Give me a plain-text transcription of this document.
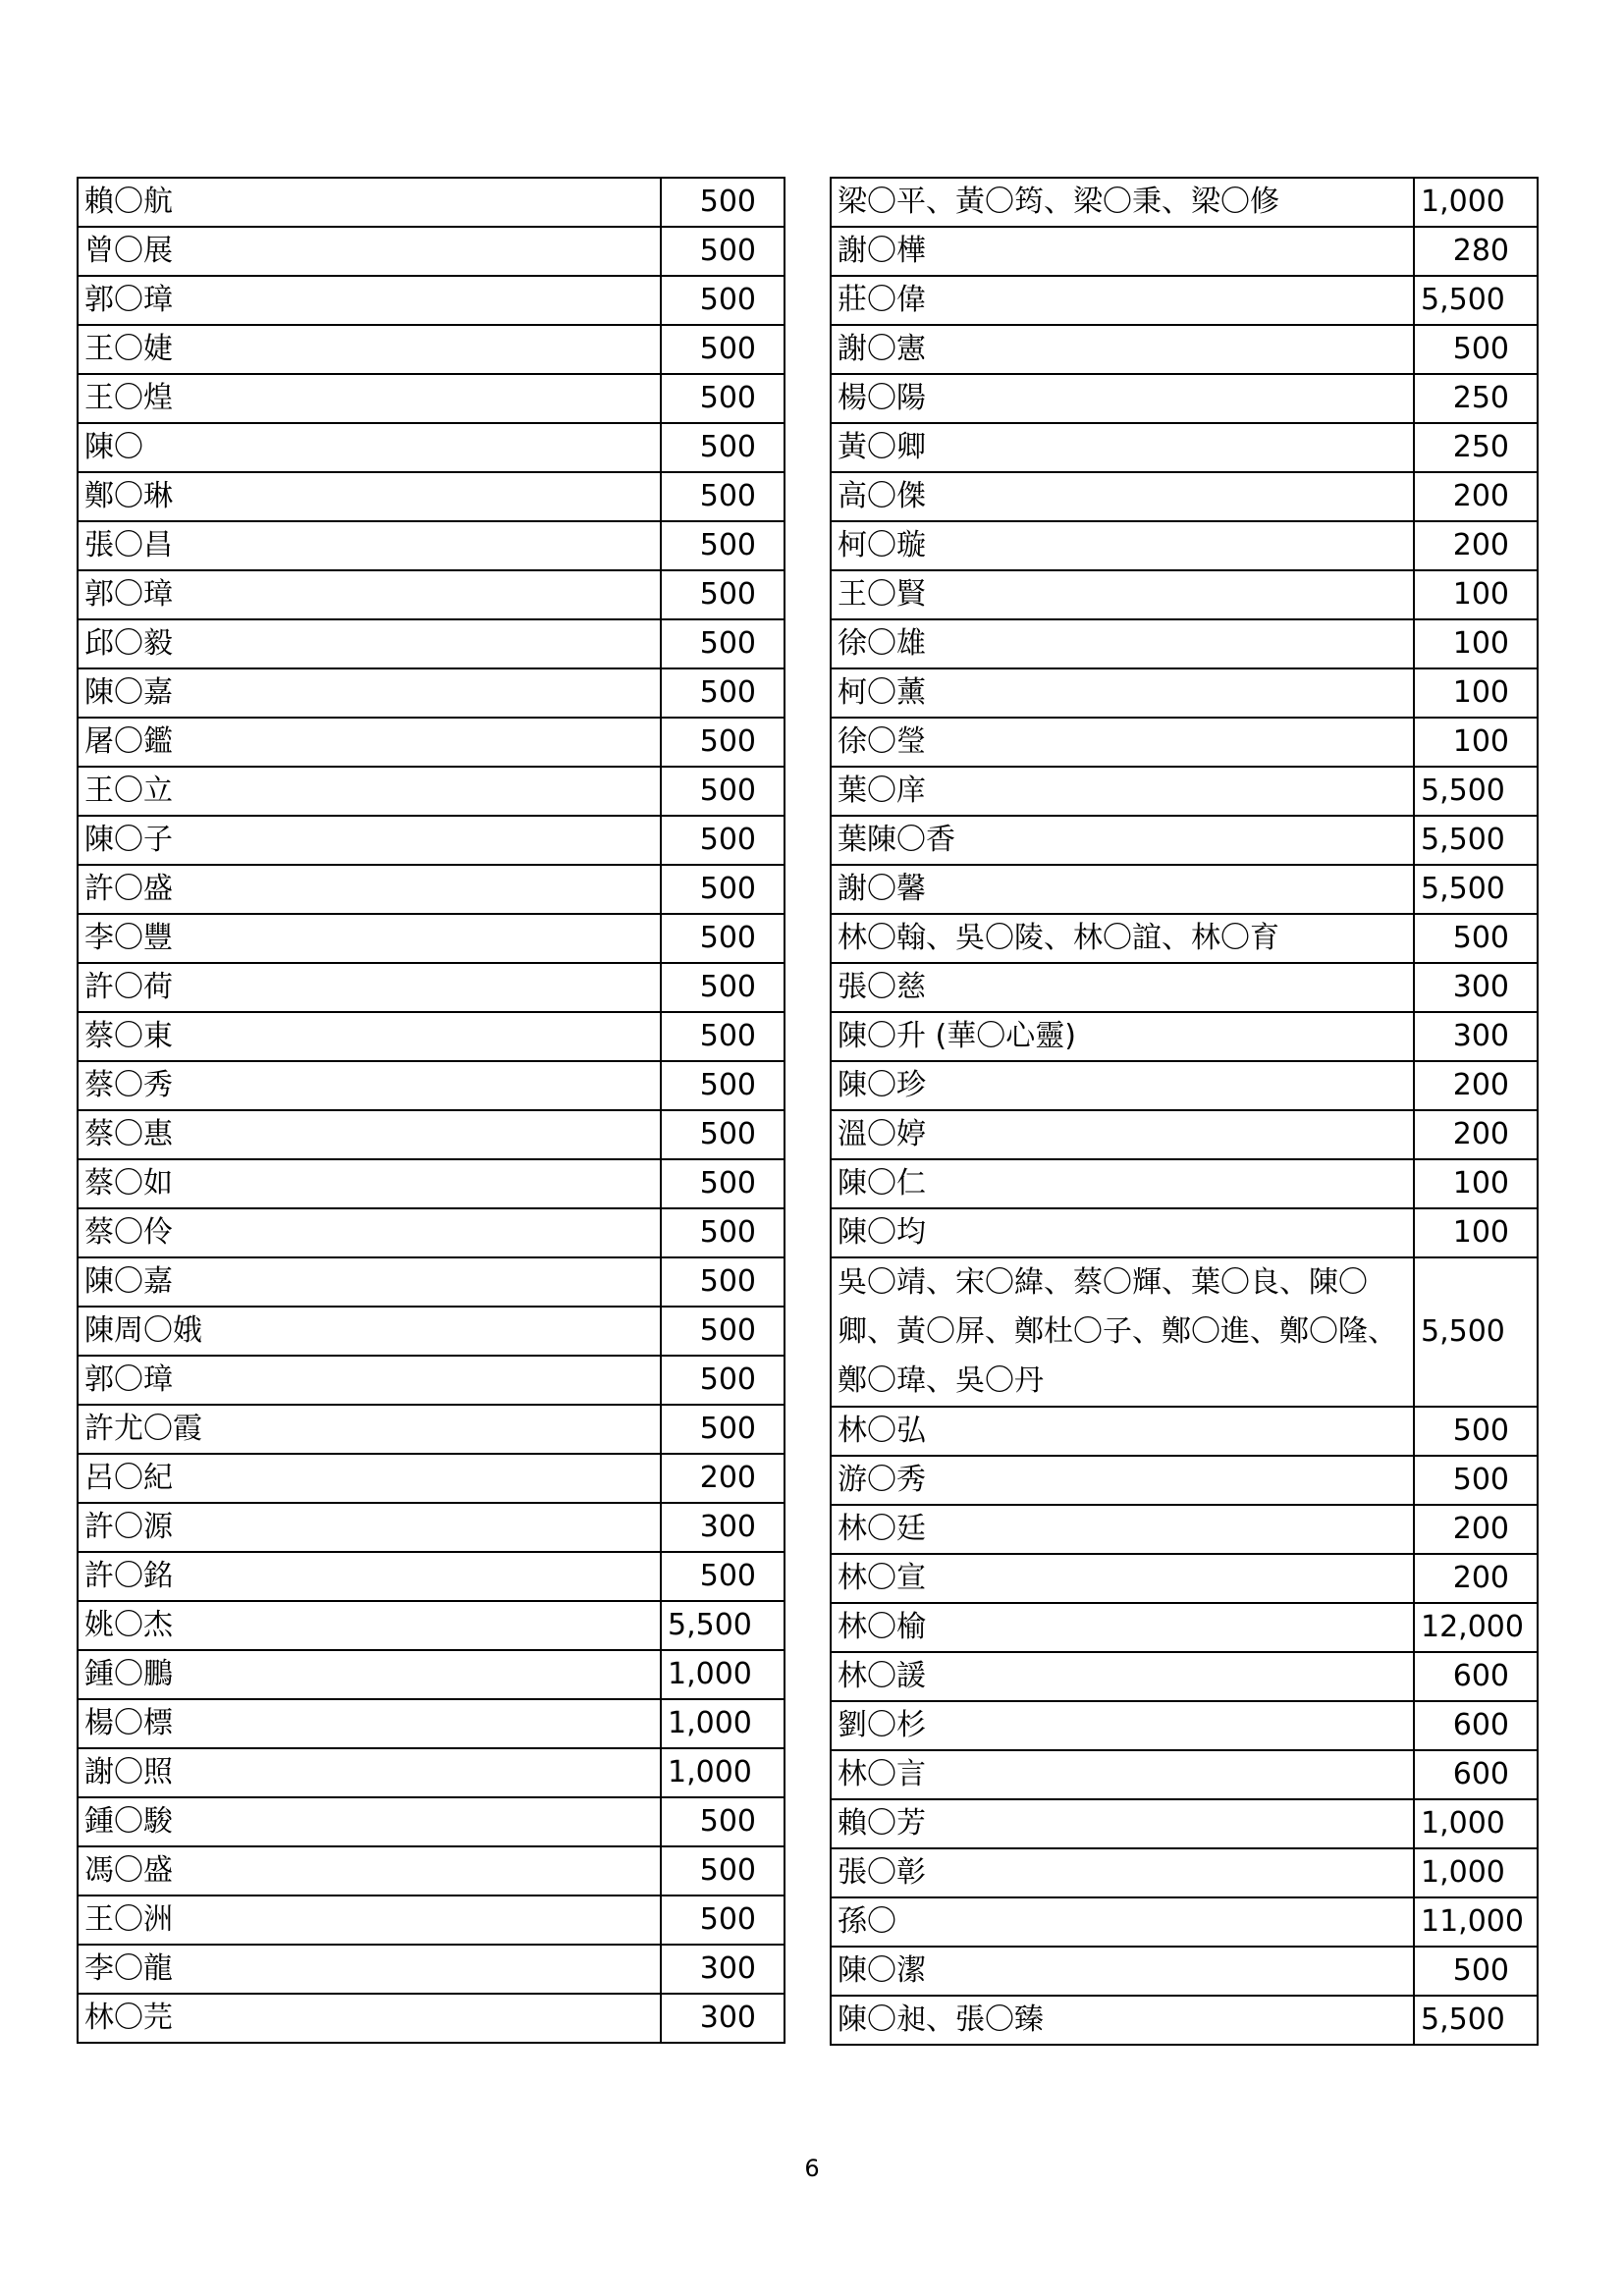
賴〇航	500
曾〇展	500
郭〇璋	500
王〇婕	500
王〇煌	500
陳〇	500
鄭〇琳	500
張〇昌	500
郭〇璋	500
邱〇毅	500
陳〇嘉	500
屠〇鑑	500
王〇立	500
陳〇子	500
許〇盛	500
李〇豐	500
許〇荷	500
蔡〇東	500
蔡〇秀	500
蔡〇惠	500
蔡〇如	500
蔡〇伶	500
陳〇嘉	500
陳周〇娥	500
郭〇璋	500
許尤〇霞	500
呂〇紀	200
許〇源	300
許〇銘	500
姚〇杰	5,500
鍾〇鵬	1,000
楊〇標	1,000
謝〇照	1,000
鍾〇駿	500
馮〇盛	500
王〇洲	500
李〇龍	300
林〇芫	300
梁〇平、黃〇筠、梁〇秉、梁〇修	1,000
謝〇樺	280
莊〇偉	5,500
謝〇憲	500
楊〇陽	250
黃〇卿	250
高〇傑	200
柯〇璇	200
王〇賢	100
徐〇雄	100
柯〇薰	100
徐〇瑩	100
葉〇庠	5,500
葉陳〇香	5,500
謝〇馨	5,500
林〇翰、吳〇陵、林〇誼、林〇育	500
張〇慈	300
陳〇升 (華〇心靈)	300
陳〇珍	200
溫〇婷	200
陳〇仁	100
陳〇均	100
吳〇靖、宋〇緯、蔡〇輝、葉〇良、陳〇卿、黃〇屏、鄭杜〇子、鄭〇進、鄭〇隆、鄭〇瑋、吳〇丹	5,500
林〇弘	500
游〇秀	500
林〇廷	200
林〇宣	200
林〇榆	12,000
林〇諼	600
劉〇杉	600
林〇言	600
賴〇芳	1,000
張〇彰	1,000
孫〇	11,000
陳〇潔	500
陳〇昶、張〇臻	5,500
6
